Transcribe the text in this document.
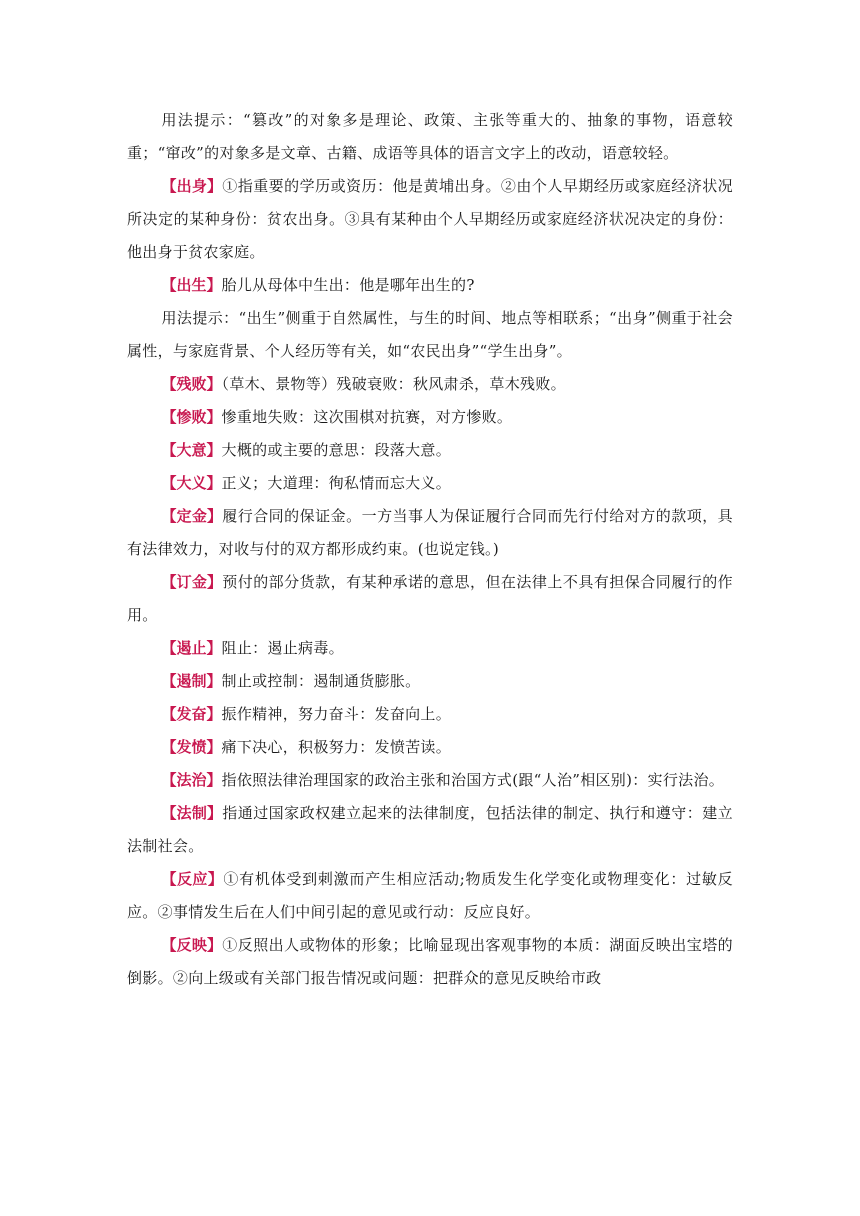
用法提示：“篡改”的对象多是理论、政策、主张等重大的、抽象的事物，语意较重；“窜改”的对象多是文章、古籍、成语等具体的语言文字上的改动，语意较轻。

【出身】①指重要的学历或资历：他是黄埔出身。②由个人早期经历或家庭经济状况所决定的某种身份：贫农出身。③具有某种由个人早期经历或家庭经济状况决定的身份：他出身于贫农家庭。

【出生】胎儿从母体中生出：他是哪年出生的?

用法提示：“出生”侧重于自然属性，与生的时间、地点等相联系；“出身”侧重于社会属性，与家庭背景、个人经历等有关，如“农民出身”“学生出身”。

【残败】（草木、景物等）残破衰败：秋风肃杀，草木残败。

【惨败】惨重地失败：这次围棋对抗赛，对方惨败。

【大意】大概的或主要的意思：段落大意。

【大义】正义；大道理：徇私情而忘大义。

【定金】履行合同的保证金。一方当事人为保证履行合同而先行付给对方的款项，具有法律效力，对收与付的双方都形成约束。(也说定钱。)

【订金】预付的部分货款，有某种承诺的意思，但在法律上不具有担保合同履行的作用。

【遏止】阻止：遏止病毒。

【遏制】制止或控制：遏制通货膨胀。

【发奋】振作精神，努力奋斗：发奋向上。

【发愤】痛下决心，积极努力：发愤苦读。

【法治】指依照法律治理国家的政治主张和治国方式(跟“人治”相区别)：实行法治。

【法制】指通过国家政权建立起来的法律制度，包括法律的制定、执行和遵守：建立法制社会。

【反应】①有机体受到刺激而产生相应活动;物质发生化学变化或物理变化：过敏反应。②事情发生后在人们中间引起的意见或行动：反应良好。

【反映】①反照出人或物体的形象；比喻显现出客观事物的本质：湖面反映出宝塔的倒影。②向上级或有关部门报告情况或问题：把群众的意见反映给市政
